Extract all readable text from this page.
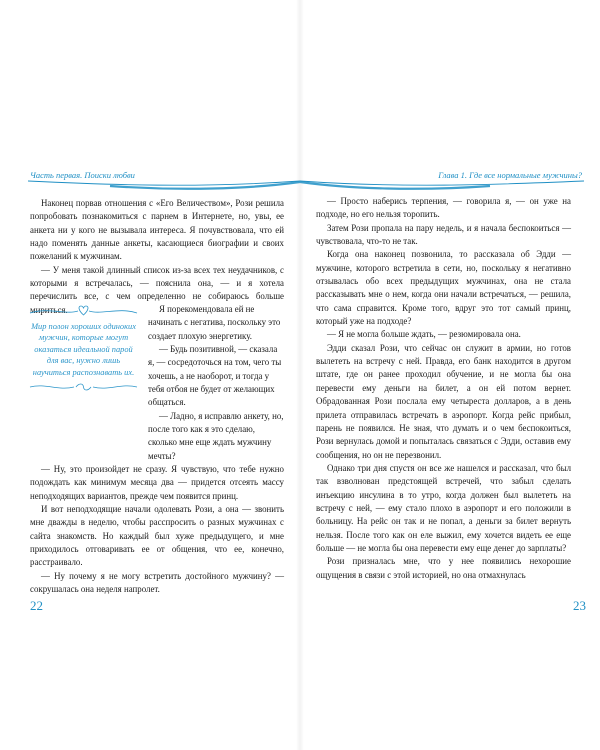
Часть первая. Поиски любви

Наконец порвав отношения с «Его Величеством», Рози решила попробовать познакомиться с парнем в Интернете, но, увы, ее анкета ни у кого не вызывала интереса. Я почувствовала, что ей надо поменять данные анкеты, касающиеся биографии и своих пожеланий к мужчинам.

— У меня такой длинный список из-за всех тех неудачников, с которыми я встречалась, — пояснила она, — и я хотела перечислить все, с чем определенно не собираюсь больше мириться.

Мир полон хороших одиноких мужчин, которые могут оказаться идеальной парой для вас, нужно лишь научиться распознавать их.

Я порекомендовала ей не начинать с негатива, поскольку это создает плохую энергетику.

— Будь позитивной, — сказала я, — сосредоточься на том, чего ты хочешь, а не наоборот, и тогда у тебя отбоя не будет от желающих общаться.

— Ладно, я исправлю анкету, но, после того как я это сделаю, сколько мне еще ждать мужчину мечты?

— Ну, это произойдет не сразу. Я чувствую, что тебе нужно подождать как минимум месяца два — придется отсеять массу неподходящих вариантов, прежде чем появится принц.

И вот неподходящие начали одолевать Рози, а она — звонить мне дважды в неделю, чтобы расспросить о разных мужчинах с сайта знакомств. Но каждый был хуже предыдущего, и мне приходилось отговаривать ее от общения, что ее, конечно, расстраивало.

— Ну почему я не могу встретить достойного мужчину? — сокрушалась она неделя напролет.

22
Глава 1. Где все нормальные мужчины?

— Просто наберись терпения, — говорила я, — он уже на подходе, но его нельзя торопить.

Затем Рози пропала на пару недель, и я начала беспокоиться — чувствовала, что-то не так.

Когда она наконец позвонила, то рассказала об Эдди — мужчине, которого встретила в сети, но, поскольку я негативно отзывалась обо всех предыдущих мужчинах, она не стала рассказывать мне о нем, когда они начали встречаться, — решила, что сама справится. Кроме того, вдруг это тот самый принц, который уже на подходе?

— Я не могла больше ждать, — резюмировала она.

Эдди сказал Рози, что сейчас он служит в армии, но готов вылететь на встречу с ней. Правда, его банк находится в другом штате, где он ранее проходил обучение, и не могла бы она перевести ему деньги на билет, а он ей потом вернет. Обрадованная Рози послала ему четыреста долларов, а в день прилета отправилась встречать в аэропорт. Когда рейс прибыл, парень не появился. Не зная, что думать и о чем беспокоиться, Рози вернулась домой и попыталась связаться с Эдди, оставив ему сообщения, но он не перезвонил.

Однако три дня спустя он все же нашелся и рассказал, что был так взволнован предстоящей встречей, что забыл сделать инъекцию инсулина в то утро, когда должен был вылететь на встречу с ней, — ему стало плохо в аэропорт и его положили в больницу. На рейс он так и не попал, а деньги за билет вернуть нельзя. После того как он еле выжил, ему хочется видеть ее еще больше — не могла бы она перевести ему еще денег до зарплаты?

Рози призналась мне, что у нее появились нехорошие ощущения в связи с этой историей, но она отмахнулась

23
